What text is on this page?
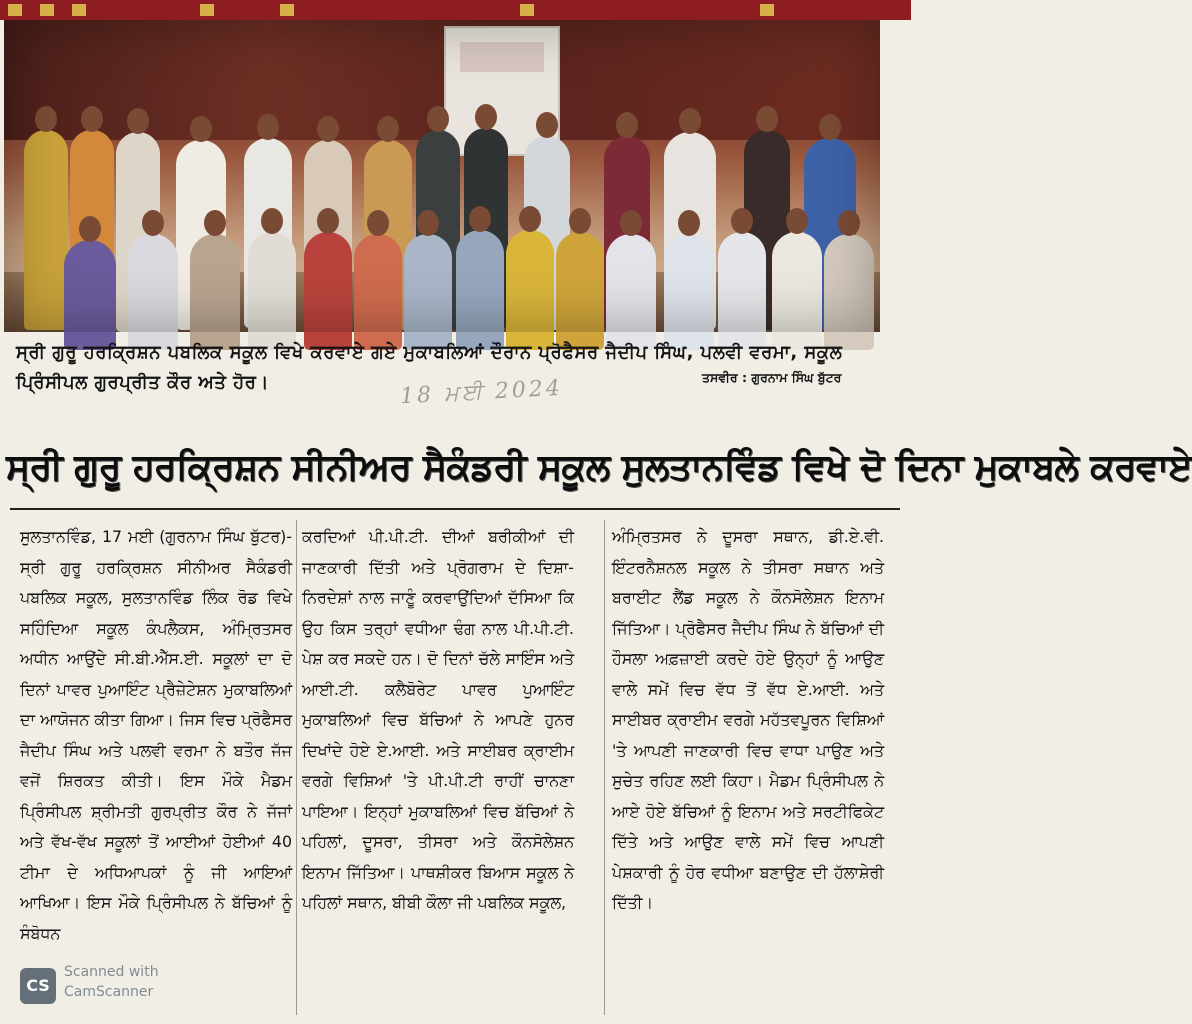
ਸ੍ਰੀ ਗੁਰੂ ਹਰਕ੍ਰਿਸ਼ਨ ਪਬਲਿਕ ਸਕੂਲ ਵਿਖੇ ਕਰਵਾਏ ਗਏ ਮੁਕਾਬਲਿਆਂ ਦੌਰਾਨ ਪ੍ਰੋਫੈਸਰ ਜੈਦੀਪ ਸਿੰਘ, ਪਲਵੀ ਵਰਮਾ, ਸਕੂਲ ਪ੍ਰਿੰਸੀਪਲ ਗੁਰਪ੍ਰੀਤ ਕੌਰ ਅਤੇ ਹੋਰ।	ਤਸਵੀਰ : ਗੁਰਨਾਮ ਸਿੰਘ ਬੁੱਟਰ
18 ਮਈ 2024
ਸ੍ਰੀ ਗੁਰੂ ਹਰਕ੍ਰਿਸ਼ਨ ਸੀਨੀਅਰ ਸੈਕੰਡਰੀ ਸਕੂਲ ਸੁਲਤਾਨਵਿੰਡ ਵਿਖੇ ਦੋ ਦਿਨਾ ਮੁਕਾਬਲੇ ਕਰਵਾਏ
ਸੁਲਤਾਨਵਿੰਡ, 17 ਮਈ (ਗੁਰਨਾਮ ਸਿੰਘ ਬੁੱਟਰ)-ਸ੍ਰੀ ਗੁਰੂ ਹਰਕ੍ਰਿਸ਼ਨ ਸੀਨੀਅਰ ਸੈਕੰਡਰੀ ਪਬਲਿਕ ਸਕੂਲ, ਸੁਲਤਾਨਵਿੰਡ ਲਿੰਕ ਰੋਡ ਵਿਖੇ ਸਹਿੰਦਿਆ ਸਕੂਲ ਕੰਪਲੈਕਸ, ਅੰਮ੍ਰਿਤਸਰ ਅਧੀਨ ਆਉਂਦੇ ਸੀ.ਬੀ.ਐੱਸ.ਈ. ਸਕੂਲਾਂ ਦਾ ਦੋ ਦਿਨਾਂ ਪਾਵਰ ਪੁਆਇੰਟ ਪ੍ਰੈਜ਼ੇਟੇਸ਼ਨ ਮੁਕਾਬਲਿਆਂ ਦਾ ਆਯੋਜਨ ਕੀਤਾ ਗਿਆ। ਜਿਸ ਵਿਚ ਪ੍ਰੋਫੈਸਰ ਜੈਦੀਪ ਸਿੰਘ ਅਤੇ ਪਲਵੀ ਵਰਮਾ ਨੇ ਬਤੌਰ ਜੱਜ ਵਜੋਂ ਸ਼ਿਰਕਤ ਕੀਤੀ। ਇਸ ਮੌਕੇ ਮੈਡਮ ਪ੍ਰਿੰਸੀਪਲ ਸ਼੍ਰੀਮਤੀ ਗੁਰਪ੍ਰੀਤ ਕੌਰ ਨੇ ਜੱਜਾਂ ਅਤੇ ਵੱਖ-ਵੱਖ ਸਕੂਲਾਂ ਤੋਂ ਆਈਆਂ ਹੋਈਆਂ 40 ਟੀਮਾ ਦੇ ਅਧਿਆਪਕਾਂ ਨੂੰ ਜੀ ਆਇਆਂ ਆਖਿਆ। ਇਸ ਮੌਕੇ ਪ੍ਰਿੰਸੀਪਲ ਨੇ ਬੱਚਿਆਂ ਨੂੰ ਸੰਬੋਧਨ
ਕਰਦਿਆਂ ਪੀ.ਪੀ.ਟੀ. ਦੀਆਂ ਬਰੀਕੀਆਂ ਦੀ ਜਾਣਕਾਰੀ ਦਿੱਤੀ ਅਤੇ ਪ੍ਰੋਗਰਾਮ ਦੇ ਦਿਸ਼ਾ-ਨਿਰਦੇਸ਼ਾਂ ਨਾਲ ਜਾਣੂੰ ਕਰਵਾਉਂਦਿਆਂ ਦੱਸਿਆ ਕਿ ਉਹ ਕਿਸ ਤਰ੍ਹਾਂ ਵਧੀਆ ਢੰਗ ਨਾਲ ਪੀ.ਪੀ.ਟੀ. ਪੇਸ਼ ਕਰ ਸਕਦੇ ਹਨ। ਦੋ ਦਿਨਾਂ ਚੱਲੇ ਸਾਇੰਸ ਅਤੇ ਆਈ.ਟੀ. ਕਲੈਬੋਰੇਟ ਪਾਵਰ ਪੁਆਇੰਟ ਮੁਕਾਬਲਿਆਂ ਵਿਚ ਬੱਚਿਆਂ ਨੇ ਆਪਣੇ ਹੁਨਰ ਦਿਖਾਂਦੇ ਹੋਏ ਏ.ਆਈ. ਅਤੇ ਸਾਈਬਰ ਕ੍ਰਾਈਮ ਵਰਗੇ ਵਿਸ਼ਿਆਂ 'ਤੇ ਪੀ.ਪੀ.ਟੀ ਰਾਹੀਂ ਚਾਨਣਾ ਪਾਇਆ। ਇਨ੍ਹਾਂ ਮੁਕਾਬਲਿਆਂ ਵਿਚ ਬੱਚਿਆਂ ਨੇ ਪਹਿਲਾਂ, ਦੂਸਰਾ, ਤੀਸਰਾ ਅਤੇ ਕੌਨਸੋਲੇਸ਼ਨ ਇਨਾਮ ਜਿੱਤਿਆ। ਪਾਥਸ਼ੀਕਰ ਬਿਆਸ ਸਕੂਲ ਨੇ ਪਹਿਲਾਂ ਸਥਾਨ, ਬੀਬੀ ਕੌਲਾ ਜੀ ਪਬਲਿਕ ਸਕੂਲ,
ਅੰਮ੍ਰਿਤਸਰ ਨੇ ਦੂਸਰਾ ਸਥਾਨ, ਡੀ.ਏ.ਵੀ. ਇੰਟਰਨੈਸ਼ਨਲ ਸਕੂਲ ਨੇ ਤੀਸਰਾ ਸਥਾਨ ਅਤੇ ਬਰਾਈਟ ਲੈਂਡ ਸਕੂਲ ਨੇ ਕੌਨਸੋਲੇਸ਼ਨ ਇਨਾਮ ਜਿੱਤਿਆ। ਪ੍ਰੋਫੈਸਰ ਜੈਦੀਪ ਸਿੰਘ ਨੇ ਬੱਚਿਆਂ ਦੀ ਹੌਸਲਾ ਅਫ਼ਜ਼ਾਈ ਕਰਦੇ ਹੋਏ ਉਨ੍ਹਾਂ ਨੂੰ ਆਉਣ ਵਾਲੇ ਸਮੇਂ ਵਿਚ ਵੱਧ ਤੋਂ ਵੱਧ ਏ.ਆਈ. ਅਤੇ ਸਾਈਬਰ ਕ੍ਰਾਈਮ ਵਰਗੇ ਮਹੱਤਵਪੂਰਨ ਵਿਸ਼ਿਆਂ 'ਤੇ ਆਪਣੀ ਜਾਣਕਾਰੀ ਵਿਚ ਵਾਧਾ ਪਾਉਣ ਅਤੇ ਸੁਚੇਤ ਰਹਿਣ ਲਈ ਕਿਹਾ। ਮੈਡਮ ਪ੍ਰਿੰਸੀਪਲ ਨੇ ਆਏ ਹੋਏ ਬੱਚਿਆਂ ਨੂੰ ਇਨਾਮ ਅਤੇ ਸਰਟੀਫਿਕੇਟ ਦਿੱਤੇ ਅਤੇ ਆਉਣ ਵਾਲੇ ਸਮੇਂ ਵਿਚ ਆਪਣੀ ਪੇਸ਼ਕਾਰੀ ਨੂੰ ਹੋਰ ਵਧੀਆ ਬਣਾਉਣ ਦੀ ਹੱਲਾਸ਼ੇਰੀ ਦਿੱਤੀ।
CS
Scanned with
CamScanner
